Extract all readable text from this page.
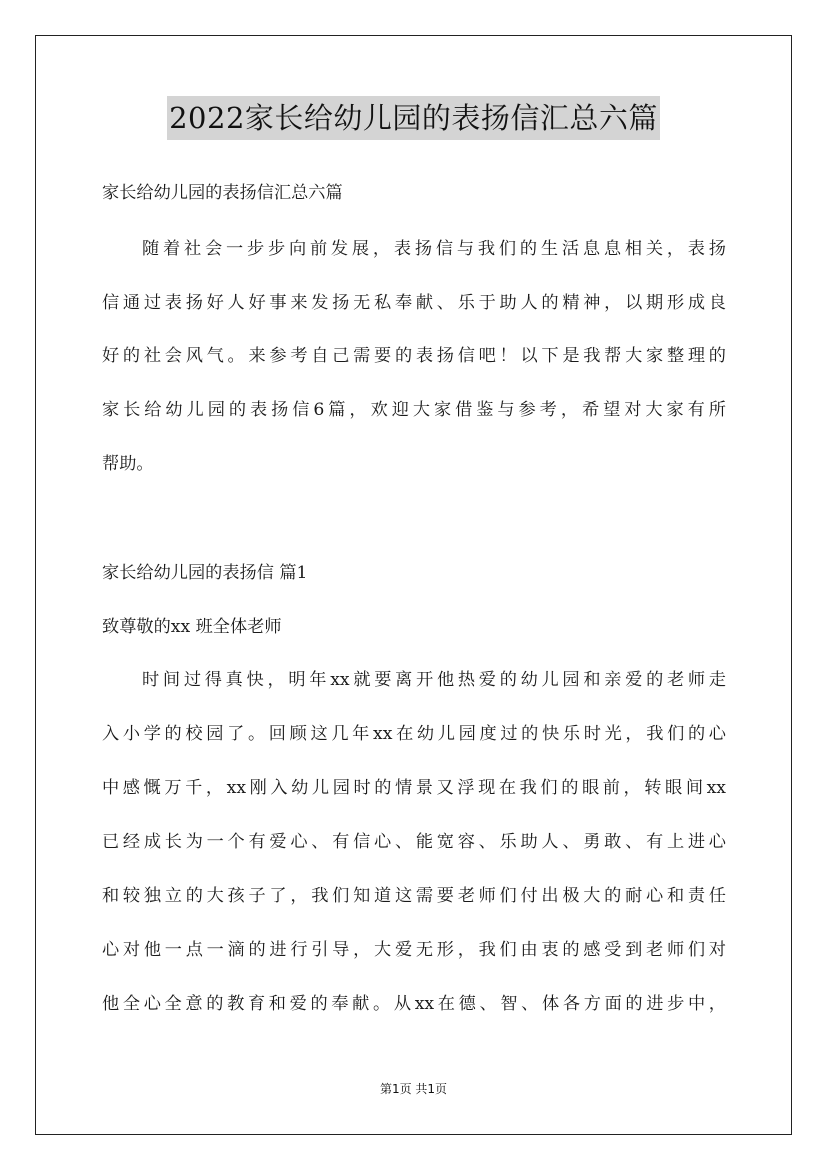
2022家长给幼儿园的表扬信汇总六篇
家长给幼儿园的表扬信汇总六篇
随着社会一步步向前发展，表扬信与我们的生活息息相关，表扬
信通过表扬好人好事来发扬无私奉献、乐于助人的精神，以期形成良
好的社会风气。来参考自己需要的表扬信吧！以下是我帮大家整理的
家长给幼儿园的表扬信6篇，欢迎大家借鉴与参考，希望对大家有所
帮助。
家长给幼儿园的表扬信 篇1
致尊敬的xx 班全体老师
时间过得真快，明年xx就要离开他热爱的幼儿园和亲爱的老师走
入小学的校园了。回顾这几年xx在幼儿园度过的快乐时光，我们的心
中感慨万千，xx刚入幼儿园时的情景又浮现在我们的眼前，转眼间xx
已经成长为一个有爱心、有信心、能宽容、乐助人、勇敢、有上进心
和较独立的大孩子了，我们知道这需要老师们付出极大的耐心和责任
心对他一点一滴的进行引导，大爱无形，我们由衷的感受到老师们对
他全心全意的教育和爱的奉献。从xx在德、智、体各方面的进步中，
第1页 共1页
